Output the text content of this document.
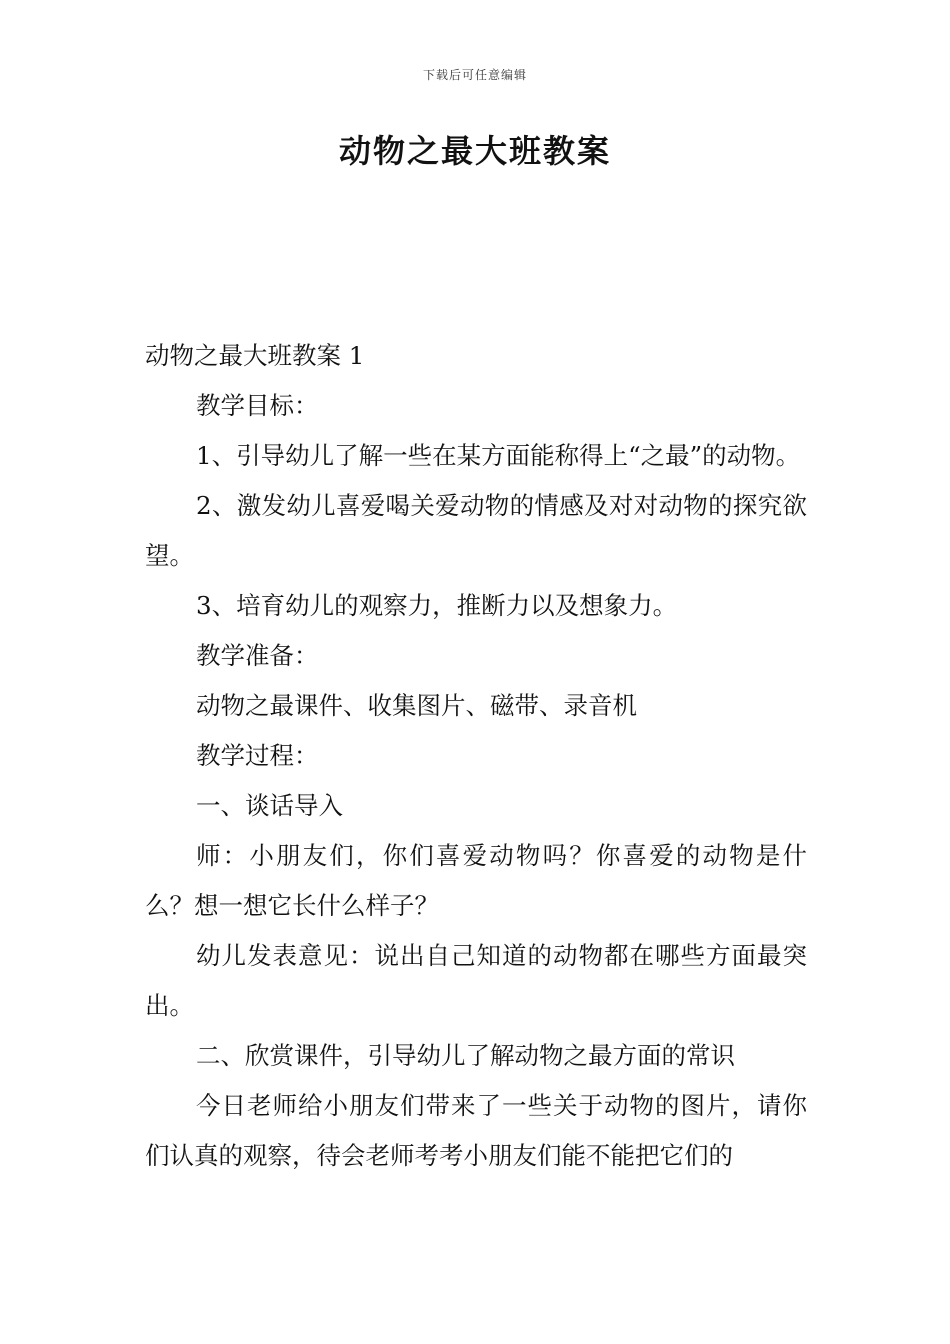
下载后可任意编辑
动物之最大班教案

动物之最大班教案 1

教学目标：

1、引导幼儿了解一些在某方面能称得上“之最”的动物。

2、激发幼儿喜爱喝关爱动物的情感及对对动物的探究欲望。

3、培育幼儿的观察力，推断力以及想象力。

教学准备：

动物之最课件、收集图片、磁带、录音机

教学过程：

一、谈话导入

师：小朋友们，你们喜爱动物吗？你喜爱的动物是什么？想一想它长什么样子？

幼儿发表意见：说出自己知道的动物都在哪些方面最突出。

二、欣赏课件，引导幼儿了解动物之最方面的常识

今日老师给小朋友们带来了一些关于动物的图片，请你们认真的观察，待会老师考考小朋友们能不能把它们的
